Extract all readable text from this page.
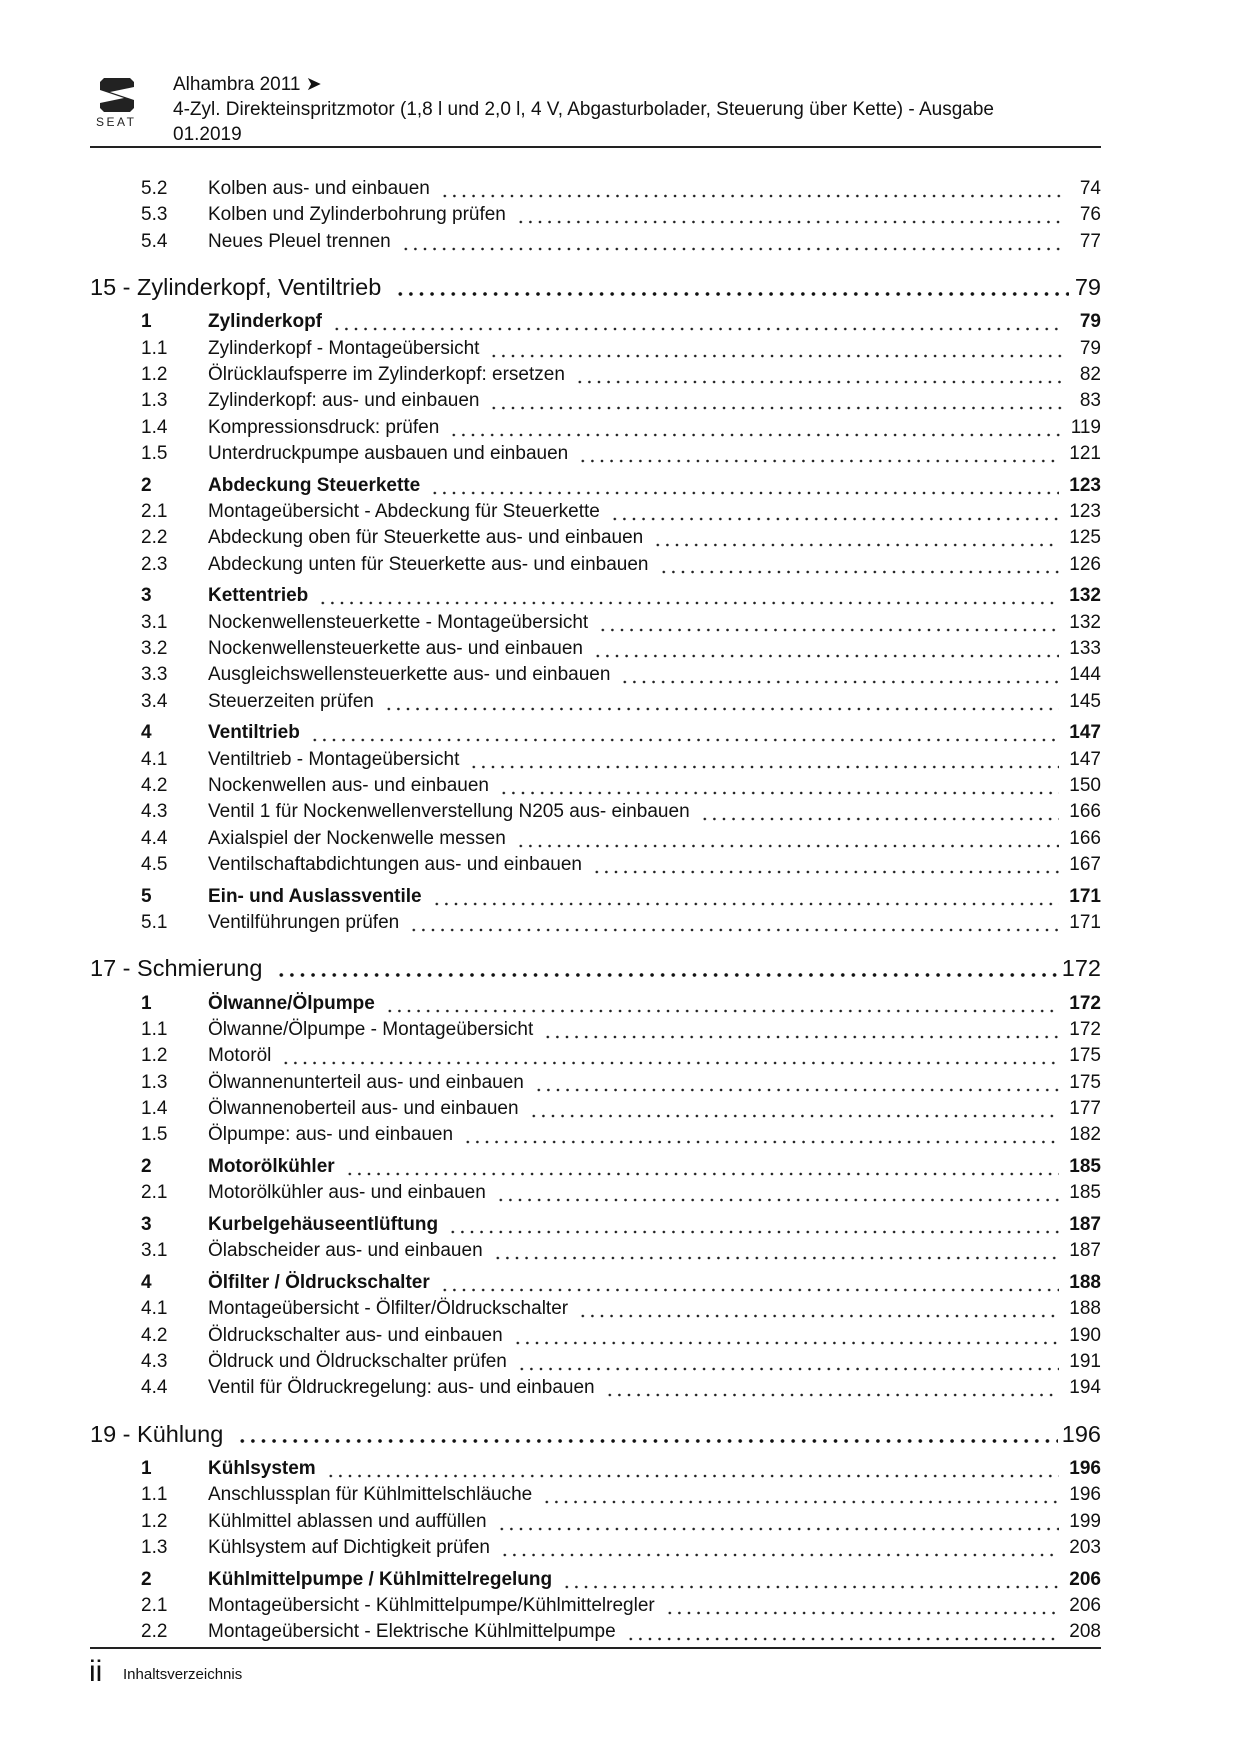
SEAT
Alhambra 2011 ➤
4-Zyl. Direkteinspritzmotor (1,8 l und 2,0 l, 4 V, Abgasturbolader, Steuerung über Kette) - Ausgabe
01.2019
5.2	Kolben aus- und einbauen	74
5.3	Kolben und Zylinderbohrung prüfen	76
5.4	Neues Pleuel trennen	77
15 - Zylinderkopf, Ventiltrieb	79
1	Zylinderkopf	79
1.1	Zylinderkopf - Montageübersicht	79
1.2	Ölrücklaufsperre im Zylinderkopf: ersetzen	82
1.3	Zylinderkopf: aus- und einbauen	83
1.4	Kompressionsdruck: prüfen	119
1.5	Unterdruckpumpe ausbauen und einbauen	121
2	Abdeckung Steuerkette	123
2.1	Montageübersicht - Abdeckung für Steuerkette	123
2.2	Abdeckung oben für Steuerkette aus- und einbauen	125
2.3	Abdeckung unten für Steuerkette aus- und einbauen	126
3	Kettentrieb	132
3.1	Nockenwellensteuerkette - Montageübersicht	132
3.2	Nockenwellensteuerkette aus- und einbauen	133
3.3	Ausgleichswellensteuerkette aus- und einbauen	144
3.4	Steuerzeiten prüfen	145
4	Ventiltrieb	147
4.1	Ventiltrieb - Montageübersicht	147
4.2	Nockenwellen aus- und einbauen	150
4.3	Ventil 1 für Nockenwellenverstellung N205 aus- einbauen	166
4.4	Axialspiel der Nockenwelle messen	166
4.5	Ventilschaftabdichtungen aus- und einbauen	167
5	Ein- und Auslassventile	171
5.1	Ventilführungen prüfen	171
17 - Schmierung	172
1	Ölwanne/Ölpumpe	172
1.1	Ölwanne/Ölpumpe - Montageübersicht	172
1.2	Motoröl	175
1.3	Ölwannenunterteil aus- und einbauen	175
1.4	Ölwannenoberteil aus- und einbauen	177
1.5	Ölpumpe: aus- und einbauen	182
2	Motorölkühler	185
2.1	Motorölkühler aus- und einbauen	185
3	Kurbelgehäuseentlüftung	187
3.1	Ölabscheider aus- und einbauen	187
4	Ölfilter / Öldruckschalter	188
4.1	Montageübersicht - Ölfilter/Öldruckschalter	188
4.2	Öldruckschalter aus- und einbauen	190
4.3	Öldruck und Öldruckschalter prüfen	191
4.4	Ventil für Öldruckregelung: aus- und einbauen	194
19 - Kühlung	196
1	Kühlsystem	196
1.1	Anschlussplan für Kühlmittelschläuche	196
1.2	Kühlmittel ablassen und auffüllen	199
1.3	Kühlsystem auf Dichtigkeit prüfen	203
2	Kühlmittelpumpe / Kühlmittelregelung	206
2.1	Montageübersicht - Kühlmittelpumpe/Kühlmittelregler	206
2.2	Montageübersicht - Elektrische Kühlmittelpumpe	208
ii Inhaltsverzeichnis
